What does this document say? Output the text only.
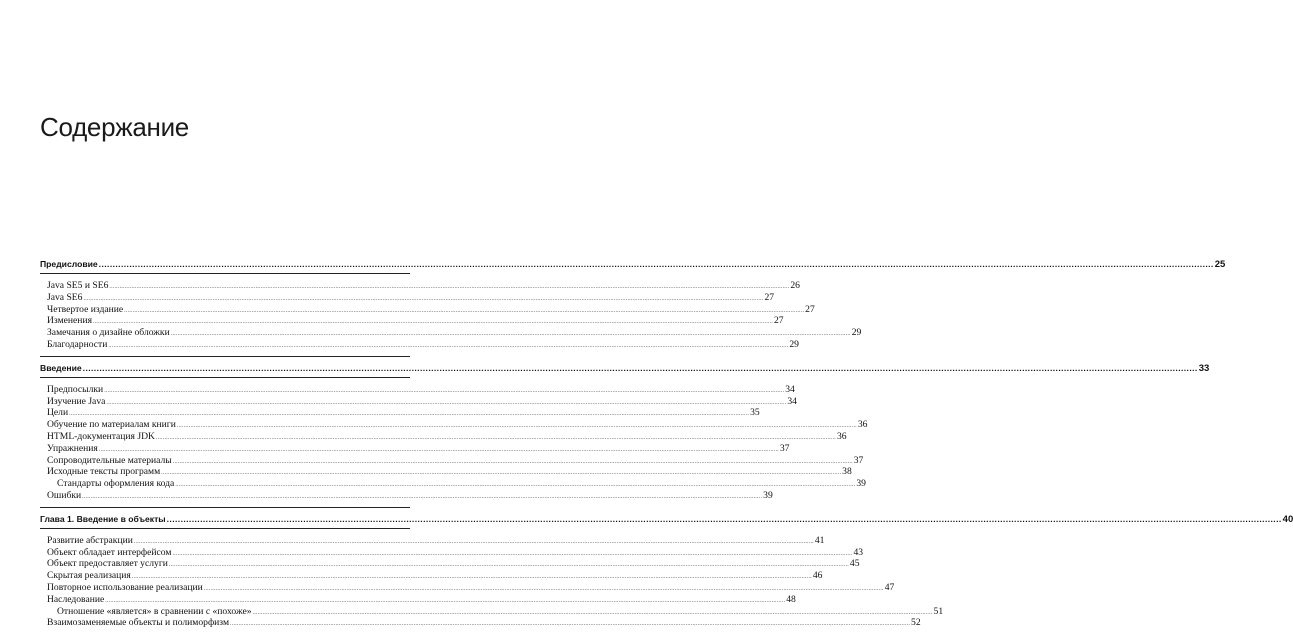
Содержание
Предисловие ................................................................................................................................................................................................................................................................................................................................................................................................................ 25
Java SE5 и SE6 ................................................................................................................................................................................................................................................................................................................................................................................................................ 26
Java SE6 ................................................................................................................................................................................................................................................................................................................................................................................................................ 27
Четвертое издание ................................................................................................................................................................................................................................................................................................................................................................................................................ 27
Изменения ................................................................................................................................................................................................................................................................................................................................................................................................................ 27
Замечания о дизайне обложки ................................................................................................................................................................................................................................................................................................................................................................................................................ 29
Благодарности ................................................................................................................................................................................................................................................................................................................................................................................................................ 29
Введение ................................................................................................................................................................................................................................................................................................................................................................................................................ 33
Предпосылки ................................................................................................................................................................................................................................................................................................................................................................................................................ 34
Изучение Java ................................................................................................................................................................................................................................................................................................................................................................................................................ 34
Цели ................................................................................................................................................................................................................................................................................................................................................................................................................ 35
Обучение по материалам книги ................................................................................................................................................................................................................................................................................................................................................................................................................ 36
HTML-документация JDK ................................................................................................................................................................................................................................................................................................................................................................................................................ 36
Упражнения ................................................................................................................................................................................................................................................................................................................................................................................................................ 37
Сопроводительные материалы ................................................................................................................................................................................................................................................................................................................................................................................................................ 37
Исходные тексты программ ................................................................................................................................................................................................................................................................................................................................................................................................................ 38
Стандарты оформления кода ................................................................................................................................................................................................................................................................................................................................................................................................................ 39
Ошибки ................................................................................................................................................................................................................................................................................................................................................................................................................ 39
Глава 1. Введение в объекты ................................................................................................................................................................................................................................................................................................................................................................................................................ 40
Развитие абстракции ................................................................................................................................................................................................................................................................................................................................................................................................................ 41
Объект обладает интерфейсом ................................................................................................................................................................................................................................................................................................................................................................................................................ 43
Объект предоставляет услуги ................................................................................................................................................................................................................................................................................................................................................................................................................ 45
Скрытая реализация ................................................................................................................................................................................................................................................................................................................................................................................................................ 46
Повторное использование реализации ................................................................................................................................................................................................................................................................................................................................................................................................................ 47
Наследование ................................................................................................................................................................................................................................................................................................................................................................................................................ 48
Отношение «является» в сравнении с «похоже» ................................................................................................................................................................................................................................................................................................................................................................................................................ 51
Взаимозаменяемые объекты и полиморфизм ................................................................................................................................................................................................................................................................................................................................................................................................................ 52
